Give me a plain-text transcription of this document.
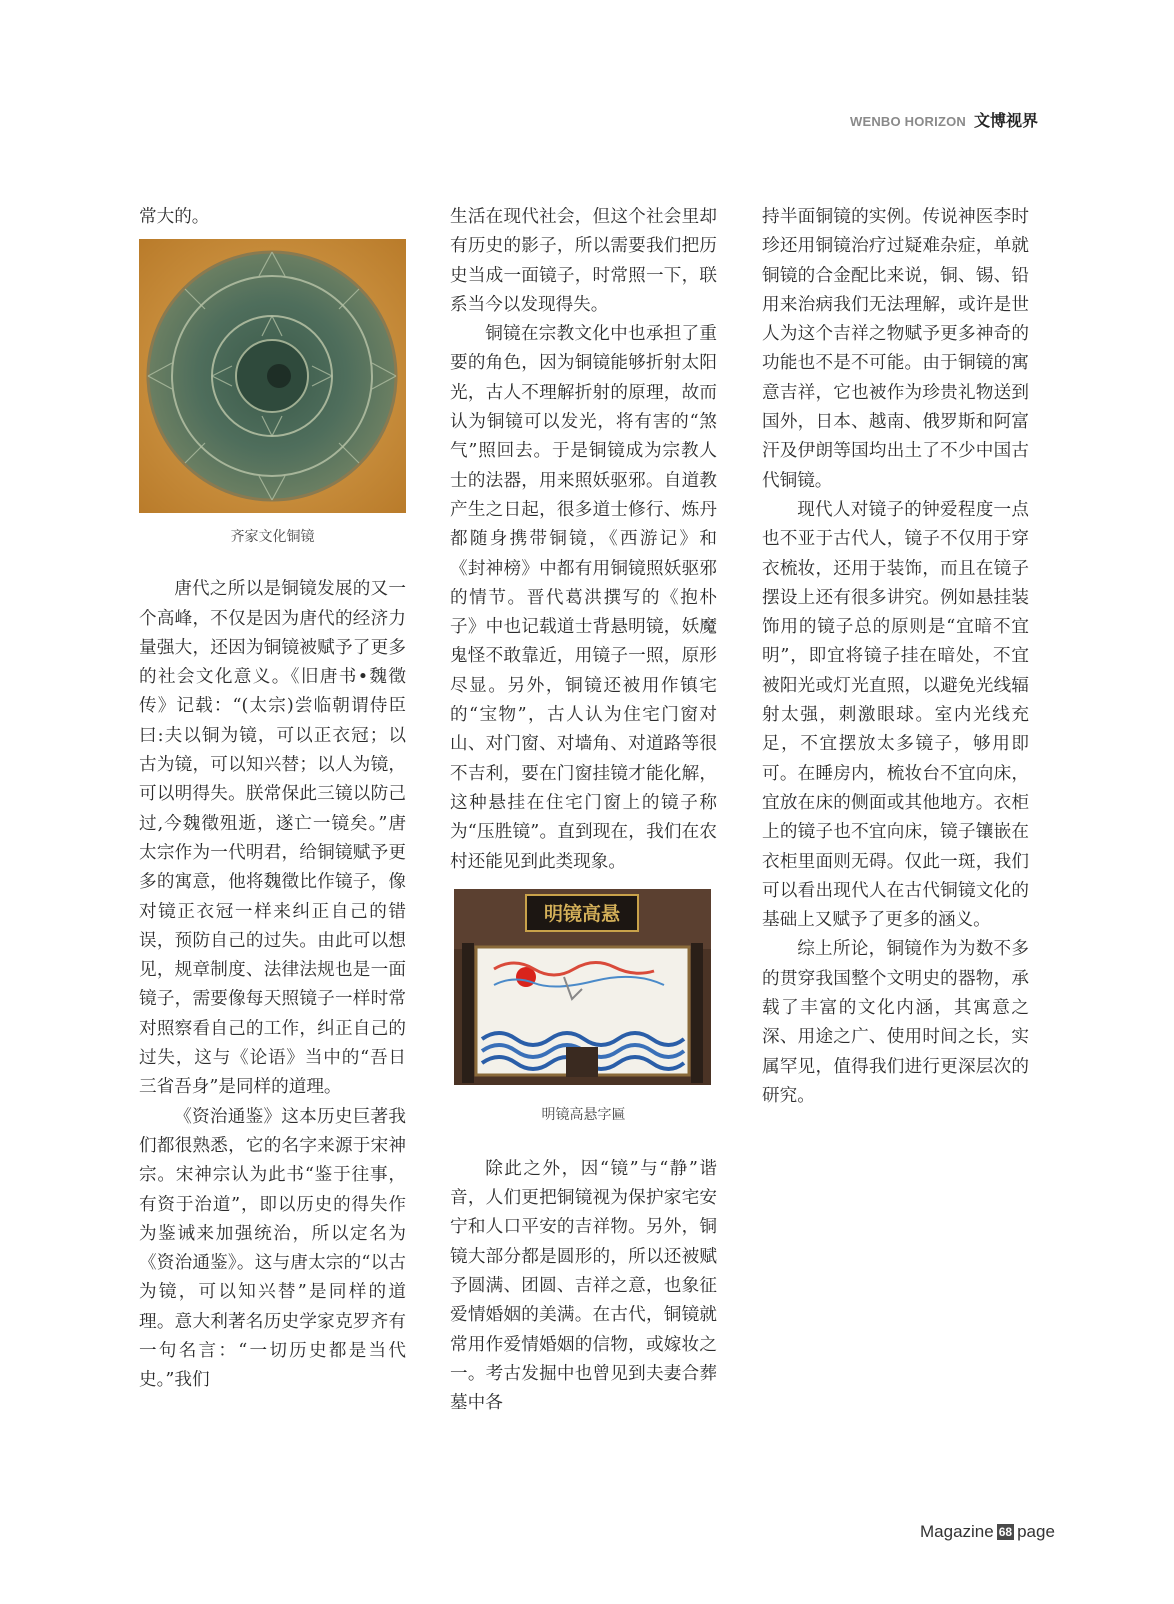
WENBO HORIZON 文博视界

常大的。

齐家文化铜镜

唐代之所以是铜镜发展的又一个高峰，不仅是因为唐代的经济力量强大，还因为铜镜被赋予了更多的社会文化意义。《旧唐书•魏徵传》记载：“(太宗)尝临朝谓侍臣曰:夫以铜为镜，可以正衣冠；以古为镜，可以知兴替；以人为镜，可以明得失。朕常保此三镜以防己过,今魏徵殂逝，遂亡一镜矣。”唐太宗作为一代明君，给铜镜赋予更多的寓意，他将魏徵比作镜子，像对镜正衣冠一样来纠正自己的错误，预防自己的过失。由此可以想见，规章制度、法律法规也是一面镜子，需要像每天照镜子一样时常对照察看自己的工作，纠正自己的过失，这与《论语》当中的“吾日三省吾身”是同样的道理。

《资治通鉴》这本历史巨著我们都很熟悉，它的名字来源于宋神宗。宋神宗认为此书“鉴于往事，有资于治道”，即以历史的得失作为鉴诫来加强统治，所以定名为《资治通鉴》。这与唐太宗的“以古为镜，可以知兴替”是同样的道理。意大利著名历史学家克罗齐有一句名言：“一切历史都是当代史。”我们

生活在现代社会，但这个社会里却有历史的影子，所以需要我们把历史当成一面镜子，时常照一下，联系当今以发现得失。

铜镜在宗教文化中也承担了重要的角色，因为铜镜能够折射太阳光，古人不理解折射的原理，故而认为铜镜可以发光，将有害的“煞气”照回去。于是铜镜成为宗教人士的法器，用来照妖驱邪。自道教产生之日起，很多道士修行、炼丹都随身携带铜镜，《西游记》和《封神榜》中都有用铜镜照妖驱邪的情节。晋代葛洪撰写的《抱朴子》中也记载道士背悬明镜，妖魔鬼怪不敢靠近，用镜子一照，原形尽显。另外，铜镜还被用作镇宅的“宝物”，古人认为住宅门窗对山、对门窗、对墙角、对道路等很不吉利，要在门窗挂镜才能化解，这种悬挂在住宅门窗上的镜子称为“压胜镜”。直到现在，我们在农村还能见到此类现象。

明镜高悬
明镜高悬字匾

除此之外，因“镜”与“静”谐音，人们更把铜镜视为保护家宅安宁和人口平安的吉祥物。另外，铜镜大部分都是圆形的，所以还被赋予圆满、团圆、吉祥之意，也象征爱情婚姻的美满。在古代，铜镜就常用作爱情婚姻的信物，或嫁妆之一。考古发掘中也曾见到夫妻合葬墓中各

持半面铜镜的实例。传说神医李时珍还用铜镜治疗过疑难杂症，单就铜镜的合金配比来说，铜、锡、铅用来治病我们无法理解，或许是世人为这个吉祥之物赋予更多神奇的功能也不是不可能。由于铜镜的寓意吉祥，它也被作为珍贵礼物送到国外，日本、越南、俄罗斯和阿富汗及伊朗等国均出土了不少中国古代铜镜。

现代人对镜子的钟爱程度一点也不亚于古代人，镜子不仅用于穿衣梳妆，还用于装饰，而且在镜子摆设上还有很多讲究。例如悬挂装饰用的镜子总的原则是“宜暗不宜明”，即宜将镜子挂在暗处，不宜被阳光或灯光直照，以避免光线辐射太强，刺激眼球。室内光线充足，不宜摆放太多镜子，够用即可。在睡房内，梳妆台不宜向床，宜放在床的侧面或其他地方。衣柜上的镜子也不宜向床，镜子镶嵌在衣柜里面则无碍。仅此一斑，我们可以看出现代人在古代铜镜文化的基础上又赋予了更多的涵义。

综上所论，铜镜作为为数不多的贯穿我国整个文明史的器物，承载了丰富的文化内涵，其寓意之深、用途之广、使用时间之长，实属罕见，值得我们进行更深层次的研究。

Magazine 68 page
